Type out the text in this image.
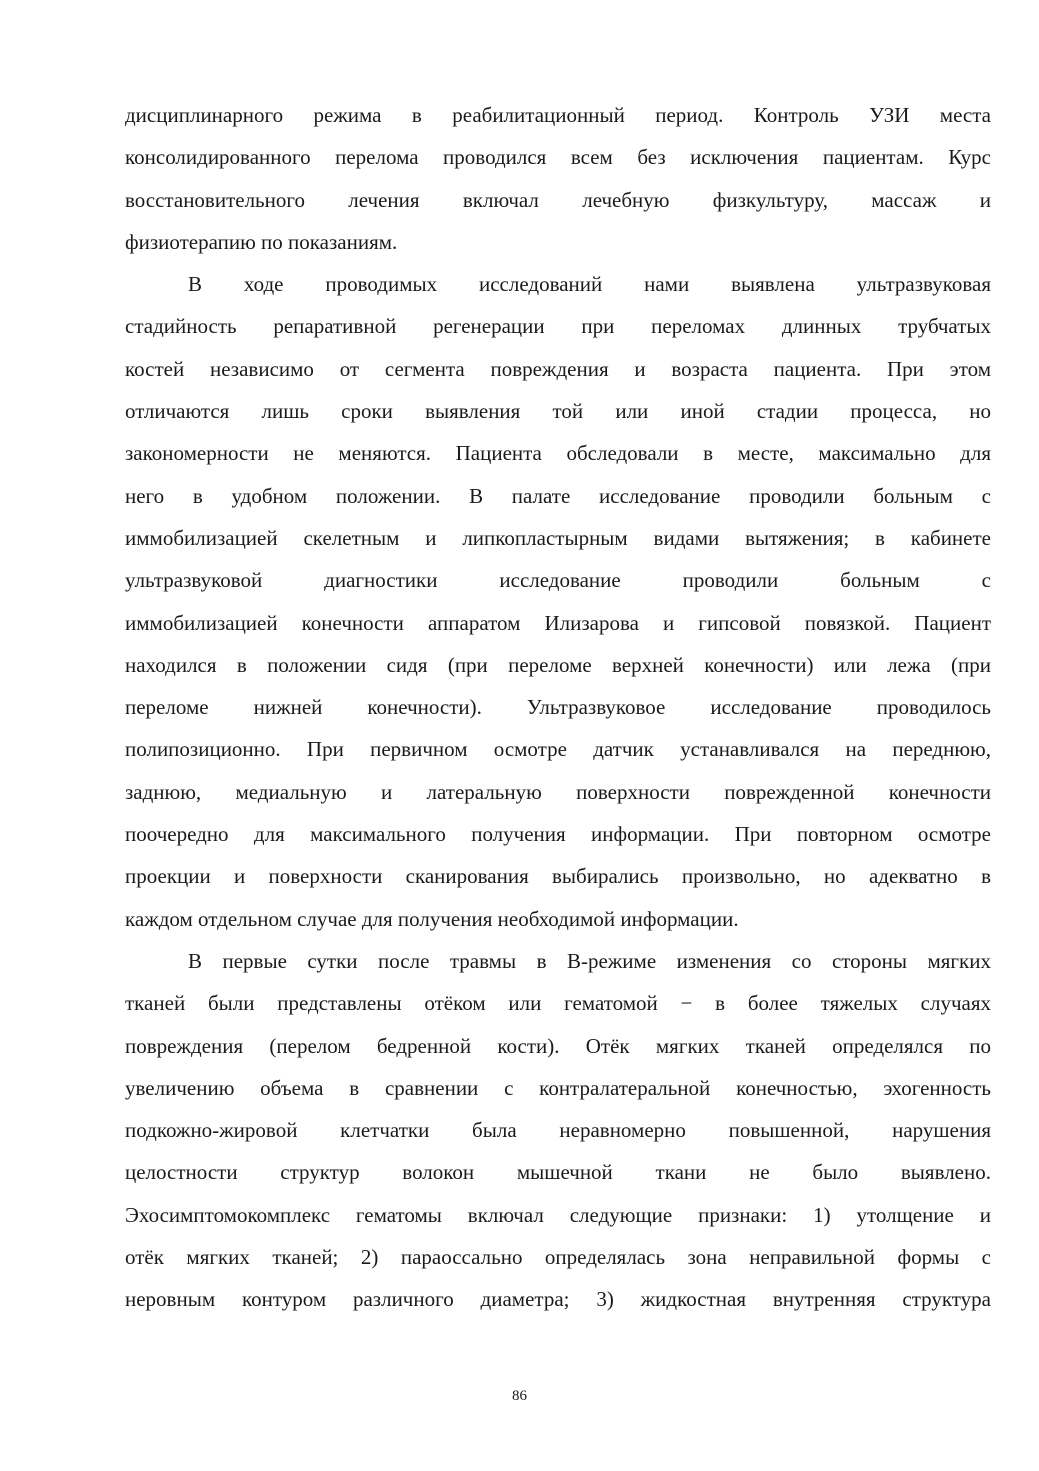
дисциплинарного режима в реабилитационный период. Контроль УЗИ места
консолидированного перелома проводился всем без исключения пациентам. Курс
восстановительного лечения включал лечебную физкультуру, массаж и
физиотерапию по показаниям.
В ходе проводимых исследований нами выявлена ультразвуковая
стадийность репаративной регенерации при переломах длинных трубчатых
костей независимо от сегмента повреждения и возраста пациента. При этом
отличаются лишь сроки выявления той или иной стадии процесса, но
закономерности не меняются. Пациента обследовали в месте, максимально для
него в удобном положении. В палате исследование проводили больным с
иммобилизацией скелетным и липкопластырным видами вытяжения; в кабинете
ультразвуковой диагностики исследование проводили больным с
иммобилизацией конечности аппаратом Илизарова и гипсовой повязкой. Пациент
находился в положении сидя (при переломе верхней конечности) или лежа (при
переломе нижней конечности). Ультразвуковое исследование проводилось
полипозиционно. При первичном осмотре датчик устанавливался на переднюю,
заднюю, медиальную и латеральную поверхности поврежденной конечности
поочередно для максимального получения информации. При повторном осмотре
проекции и поверхности сканирования выбирались произвольно, но адекватно в
каждом отдельном случае для получения необходимой информации.
В первые сутки после травмы в В-режиме изменения со стороны мягких
тканей были представлены отёком или гематомой − в более тяжелых случаях
повреждения (перелом бедренной кости). Отёк мягких тканей определялся по
увеличению объема в сравнении с контралатеральной конечностью, эхогенность
подкожно-жировой клетчатки была неравномерно повышенной, нарушения
целостности структур волокон мышечной ткани не было выявлено.
Эхосимптомокомплекс гематомы включал следующие признаки: 1) утолщение и
отёк мягких тканей; 2) параоссально определялась зона неправильной формы с
неровным контуром различного диаметра; 3) жидкостная внутренняя структура
86
